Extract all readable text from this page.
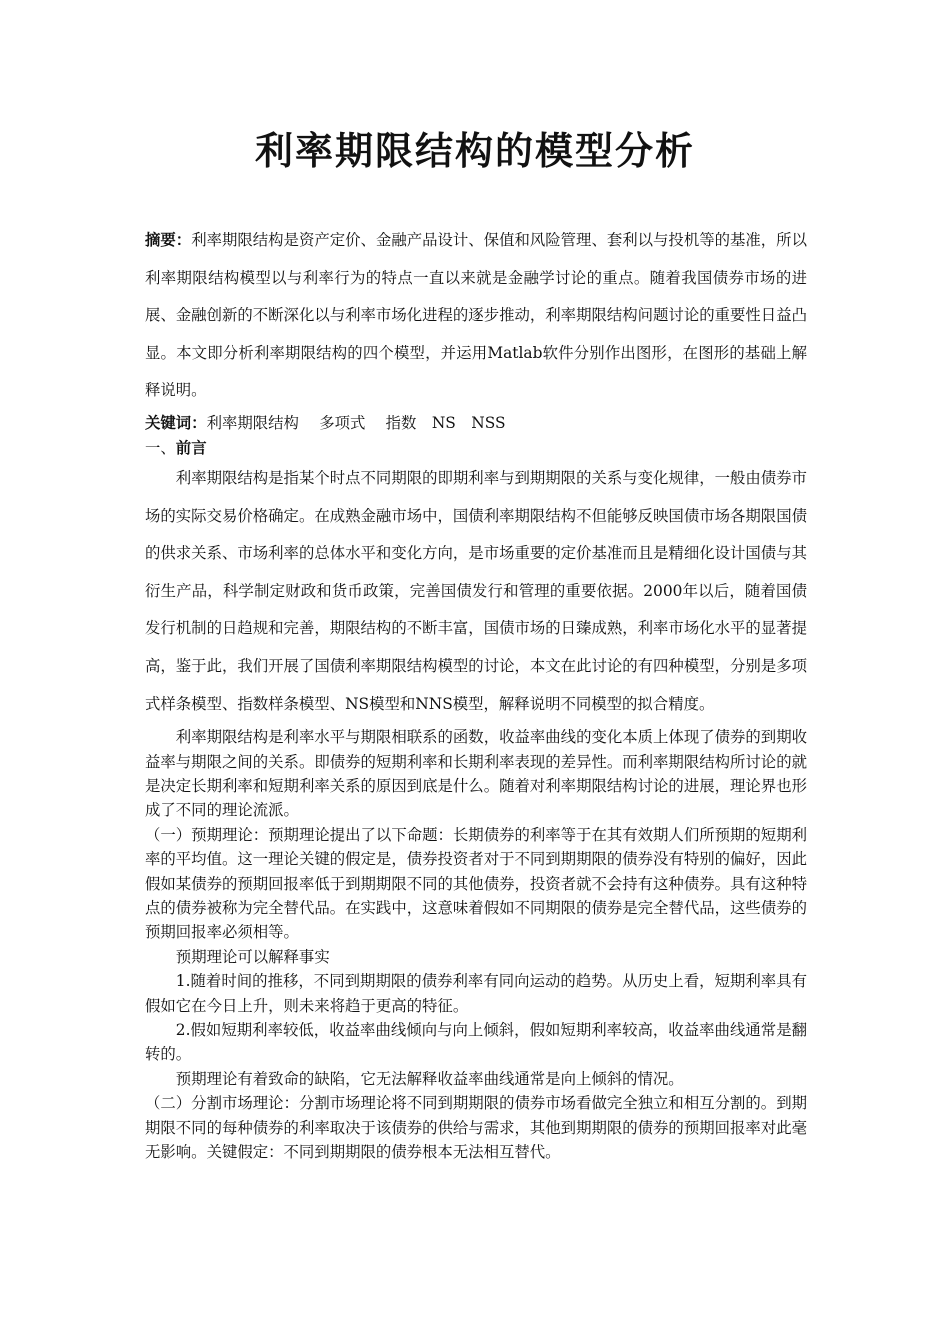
利率期限结构的模型分析

摘要：利率期限结构是资产定价、金融产品设计、保值和风险管理、套利以与投机等的基准，所以利率期限结构模型以与利率行为的特点一直以来就是金融学讨论的重点。随着我国债券市场的进展、金融创新的不断深化以与利率市场化进程的逐步推动，利率期限结构问题讨论的重要性日益凸显。本文即分析利率期限结构的四个模型，并运用Matlab软件分别作出图形，在图形的基础上解释说明。

关键词：利率期限结构　 多项式　 指数　NS　NSS

一、前言

利率期限结构是指某个时点不同期限的即期利率与到期期限的关系与变化规律，一般由债券市场的实际交易价格确定。在成熟金融市场中，国债利率期限结构不但能够反映国债市场各期限国债的供求关系、市场利率的总体水平和变化方向，是市场重要的定价基准而且是精细化设计国债与其衍生产品，科学制定财政和货币政策，完善国债发行和管理的重要依据。2000年以后，随着国债发行机制的日趋规和完善，期限结构的不断丰富，国债市场的日臻成熟，利率市场化水平的显著提高，鉴于此，我们开展了国债利率期限结构模型的讨论，本文在此讨论的有四种模型，分别是多项式样条模型、指数样条模型、NS模型和NNS模型，解释说明不同模型的拟合精度。

利率期限结构是利率水平与期限相联系的函数，收益率曲线的变化本质上体现了债券的到期收益率与期限之间的关系。即债券的短期利率和长期利率表现的差异性。而利率期限结构所讨论的就是决定长期利率和短期利率关系的原因到底是什么。随着对利率期限结构讨论的进展，理论界也形成了不同的理论流派。

（一）预期理论：预期理论提出了以下命题：长期债券的利率等于在其有效期人们所预期的短期利率的平均值。这一理论关键的假定是，债券投资者对于不同到期期限的债券没有特别的偏好，因此假如某债券的预期回报率低于到期期限不同的其他债券，投资者就不会持有这种债券。具有这种特点的债券被称为完全替代品。在实践中，这意味着假如不同期限的债券是完全替代品，这些债券的预期回报率必须相等。

预期理论可以解释事实

1.随着时间的推移，不同到期期限的债券利率有同向运动的趋势。从历史上看，短期利率具有假如它在今日上升，则未来将趋于更高的特征。

2.假如短期利率较低，收益率曲线倾向与向上倾斜，假如短期利率较高，收益率曲线通常是翻转的。

预期理论有着致命的缺陷，它无法解释收益率曲线通常是向上倾斜的情况。

（二）分割市场理论：分割市场理论将不同到期期限的债券市场看做完全独立和相互分割的。到期期限不同的每种债券的利率取决于该债券的供给与需求，其他到期期限的债券的预期回报率对此毫无影响。关键假定：不同到期期限的债券根本无法相互替代。
